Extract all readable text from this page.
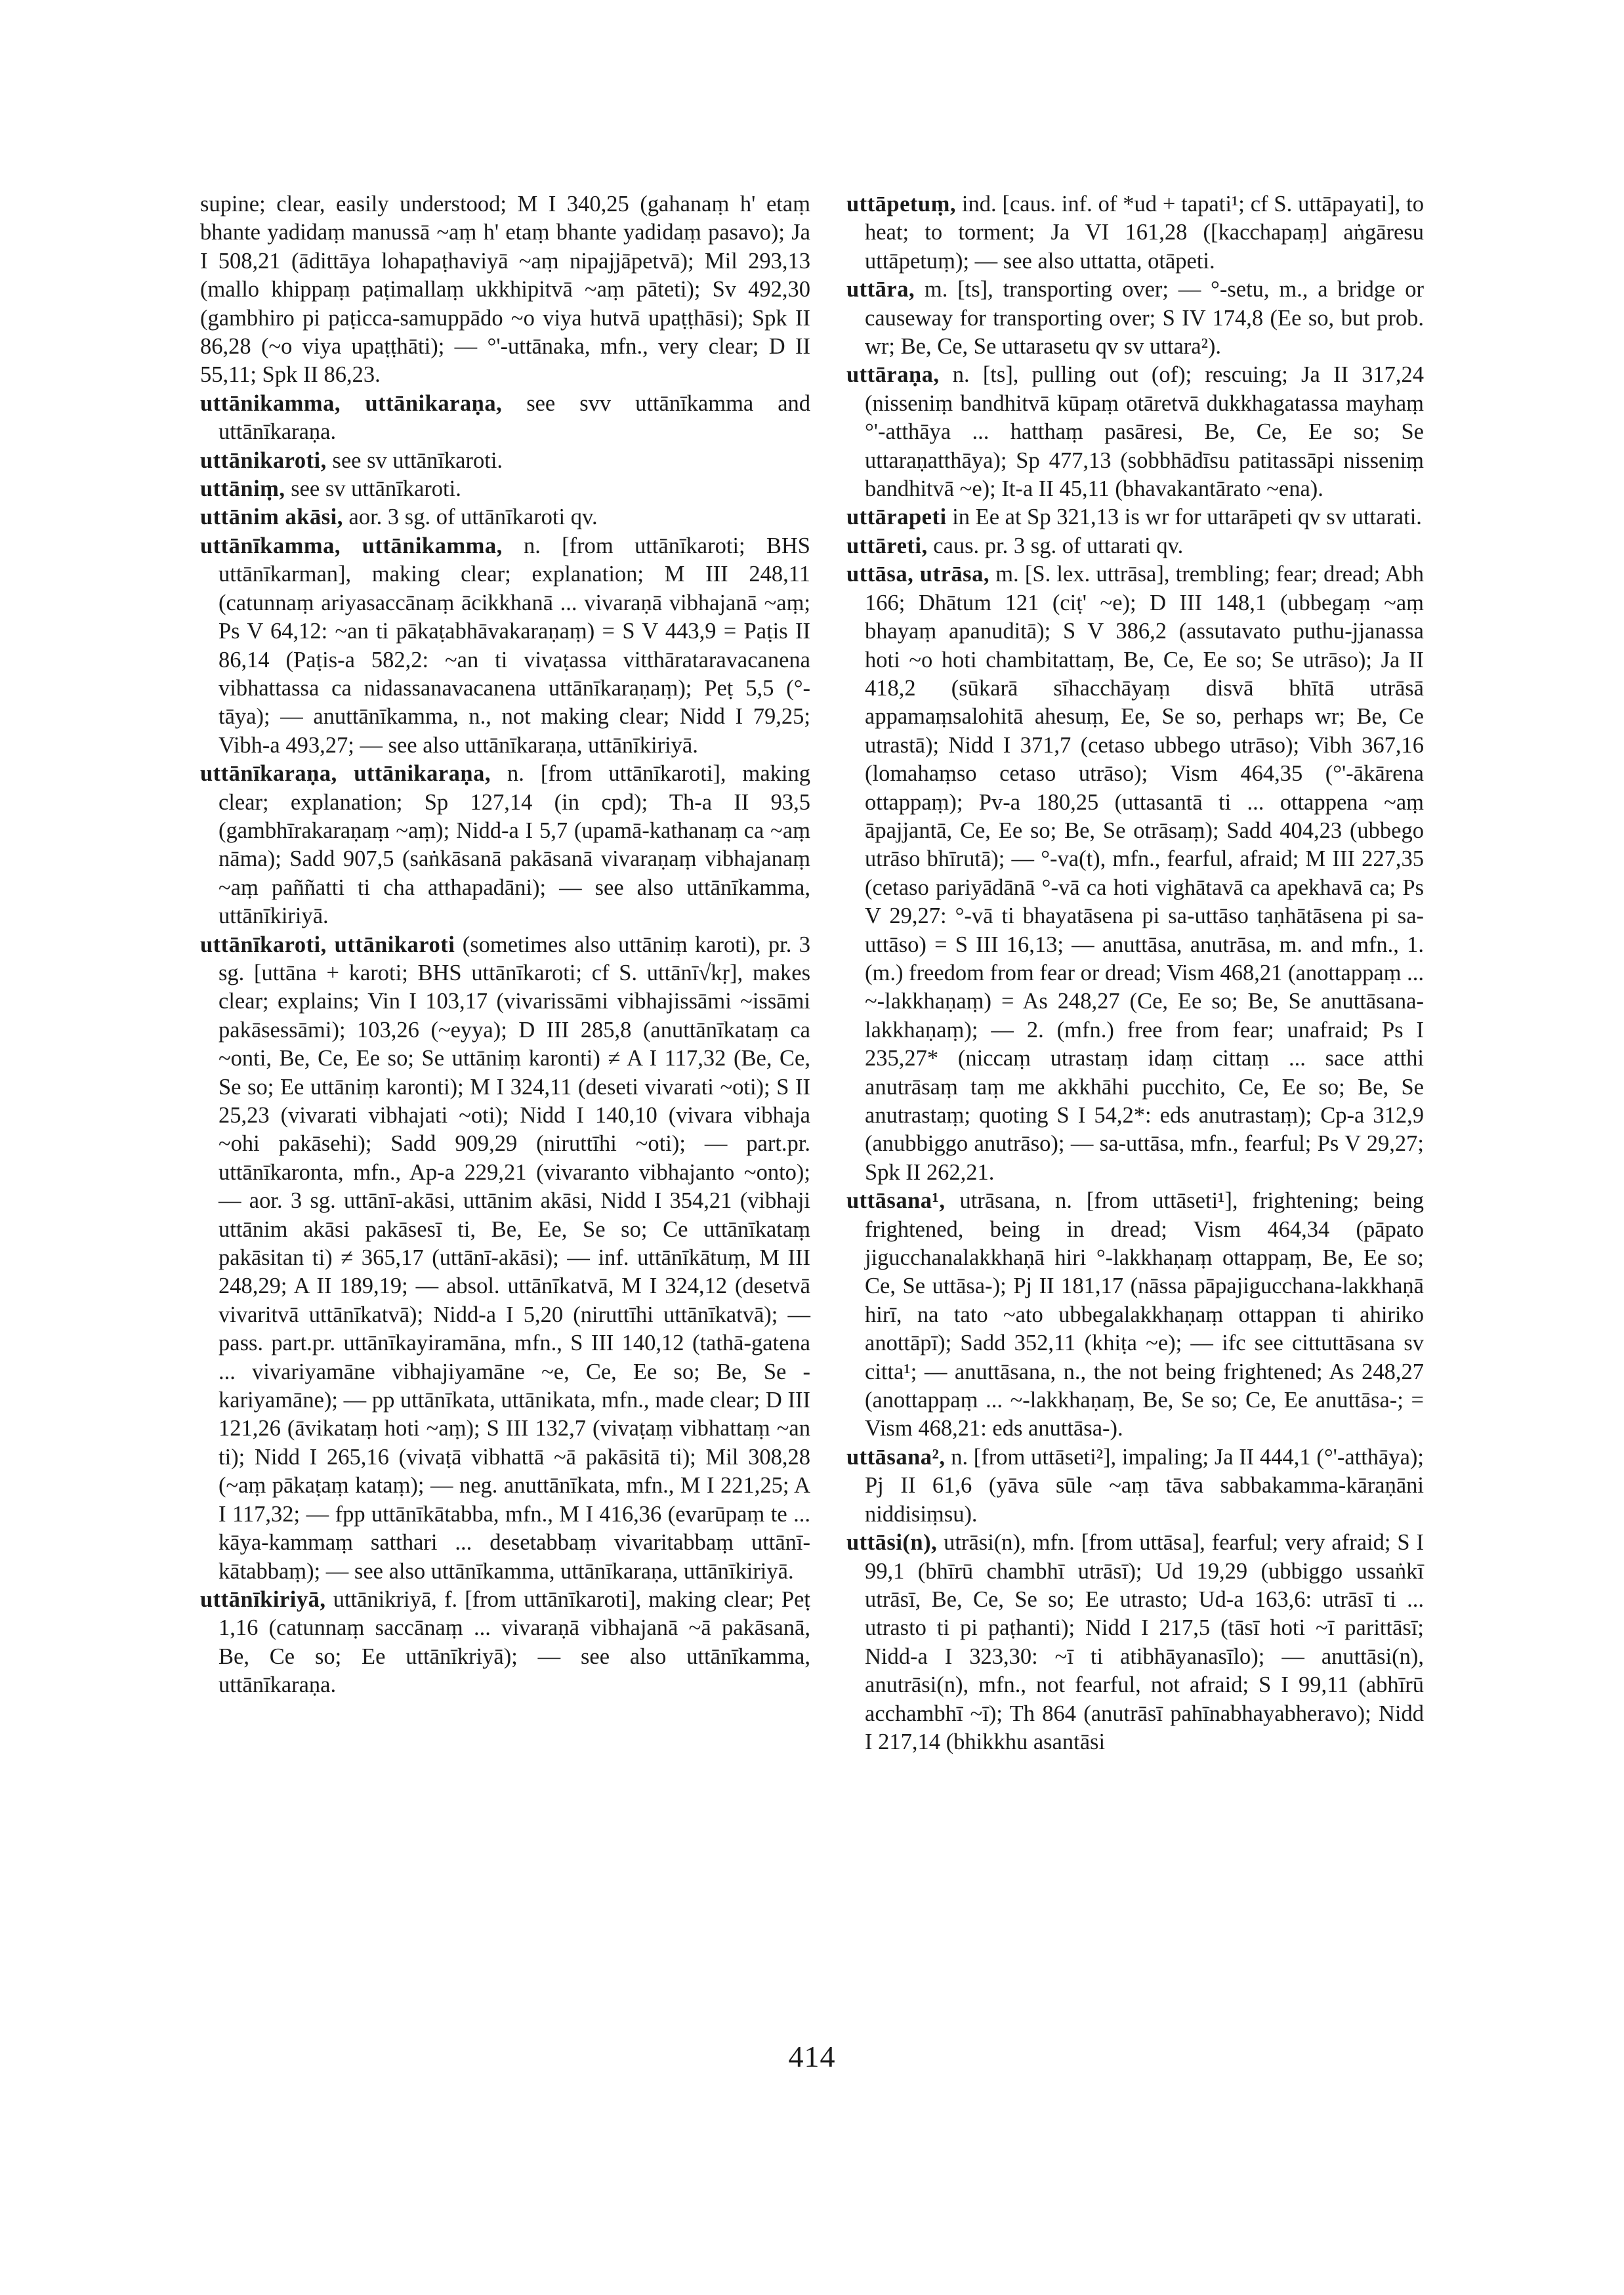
supine; clear, easily understood; M I 340,25 (gahanaṃ h' etaṃ bhante yadidaṃ manussā ~aṃ h' etaṃ bhante yadidaṃ pasavo); Ja I 508,21 (ādittāya lohapaṭhaviyā ~aṃ nipajjāpetvā); Mil 293,13 (mallo khippaṃ paṭimallaṃ ukkhipitvā ~aṃ pāteti); Sv 492,30 (gambhiro pi paṭicca-samuppādo ~o viya hutvā upaṭṭhāsi); Spk II 86,28 (~o viya upaṭṭhāti); — °'-uttānaka, mfn., very clear; D II 55,11; Spk II 86,23.

uttānikamma, uttānikaraṇa, see svv uttānīkamma and uttānīkaraṇa.

uttānikaroti, see sv uttānīkaroti.

uttāniṃ, see sv uttānīkaroti.

uttānim akāsi, aor. 3 sg. of uttānīkaroti qv.

uttānīkamma, uttānikamma, n. [from uttānīkaroti; BHS uttānīkarman], making clear; explanation; M III 248,11 (catunnaṃ ariyasaccānaṃ ācikkhanā ... vivaraṇā vibhajanā ~aṃ; Ps V 64,12: ~an ti pākaṭabhāvakaraṇaṃ) = S V 443,9 = Paṭis II 86,14 (Paṭis-a 582,2: ~an ti vivaṭassa vitthārataravacanena vibhattassa ca nidassanavacanena uttānīkaraṇaṃ); Peṭ 5,5 (°-tāya); — anuttānīkamma, n., not making clear; Nidd I 79,25; Vibh-a 493,27; — see also uttānīkaraṇa, uttānīkiriyā.

uttānīkaraṇa, uttānikaraṇa, n. [from uttānīkaroti], making clear; explanation; Sp 127,14 (in cpd); Th-a II 93,5 (gambhīrakaraṇaṃ ~aṃ); Nidd-a I 5,7 (upamā-kathanaṃ ca ~aṃ nāma); Sadd 907,5 (saṅkāsanā pakāsanā vivaraṇaṃ vibhajanaṃ ~aṃ paññatti ti cha atthapadāni); — see also uttānīkamma, uttānīkiriyā.

uttānīkaroti, uttānikaroti (sometimes also uttāniṃ karoti), pr. 3 sg. [uttāna + karoti; BHS uttānīkaroti; cf S. uttānī√kṛ], makes clear; explains; Vin I 103,17 (vivarissāmi vibhajissāmi ~issāmi pakāsessāmi); 103,26 (~eyya); D III 285,8 (anuttānīkataṃ ca ~onti, Be, Ce, Ee so; Se uttāniṃ karonti) ≠ A I 117,32 (Be, Ce, Se so; Ee uttāniṃ karonti); M I 324,11 (deseti vivarati ~oti); S II 25,23 (vivarati vibhajati ~oti); Nidd I 140,10 (vivara vibhaja ~ohi pakāsehi); Sadd 909,29 (niruttīhi ~oti); — part.pr. uttānīkaronta, mfn., Ap-a 229,21 (vivaranto vibhajanto ~onto); — aor. 3 sg. uttānī-akāsi, uttānim akāsi, Nidd I 354,21 (vibhaji uttānim akāsi pakāsesī ti, Be, Ee, Se so; Ce uttānīkataṃ pakāsitan ti) ≠ 365,17 (uttānī-akāsi); — inf. uttānīkātuṃ, M III 248,29; A II 189,19; — absol. uttānīkatvā, M I 324,12 (desetvā vivaritvā uttānīkatvā); Nidd-a I 5,20 (niruttīhi uttānīkatvā); — pass. part.pr. uttānīkayiramāna, mfn., S III 140,12 (tathā-gatena ... vivariyamāne vibhajiyamāne ~e, Ce, Ee so; Be, Se -kariyamāne); — pp uttānīkata, uttānikata, mfn., made clear; D III 121,26 (āvikataṃ hoti ~aṃ); S III 132,7 (vivaṭaṃ vibhattaṃ ~an ti); Nidd I 265,16 (vivaṭā vibhattā ~ā pakāsitā ti); Mil 308,28 (~aṃ pākaṭaṃ kataṃ); — neg. anuttānīkata, mfn., M I 221,25; A I 117,32; — fpp uttānīkātabba, mfn., M I 416,36 (evarūpaṃ te ... kāya-kammaṃ satthari ... desetabbaṃ vivaritabbaṃ uttānī-kātabbaṃ); — see also uttānīkamma, uttānīkaraṇa, uttānīkiriyā.

uttānīkiriyā, uttānikriyā, f. [from uttānīkaroti], making clear; Peṭ 1,16 (catunnaṃ saccānaṃ ... vivaraṇā vibhajanā ~ā pakāsanā, Be, Ce so; Ee uttānīkriyā); — see also uttānīkamma, uttānīkaraṇa.

uttāpetuṃ, ind. [caus. inf. of *ud + tapati¹; cf S. uttāpayati], to heat; to torment; Ja VI 161,28 ([kacchapaṃ] aṅgāresu uttāpetuṃ); — see also uttatta, otāpeti.

uttāra, m. [ts], transporting over; — °-setu, m., a bridge or causeway for transporting over; S IV 174,8 (Ee so, but prob. wr; Be, Ce, Se uttarasetu qv sv uttara²).

uttāraṇa, n. [ts], pulling out (of); rescuing; Ja II 317,24 (nisseniṃ bandhitvā kūpaṃ otāretvā dukkhagatassa mayhaṃ °'-atthāya ... hatthaṃ pasāresi, Be, Ce, Ee so; Se uttaraṇatthāya); Sp 477,13 (sobbhādīsu patitassāpi nisseniṃ bandhitvā ~e); It-a II 45,11 (bhavakantārato ~ena).

uttārapeti in Ee at Sp 321,13 is wr for uttarāpeti qv sv uttarati.

uttāreti, caus. pr. 3 sg. of uttarati qv.

uttāsa, utrāsa, m. [S. lex. uttrāsa], trembling; fear; dread; Abh 166; Dhātum 121 (ciṭ' ~e); D III 148,1 (ubbegaṃ ~aṃ bhayaṃ apanuditā); S V 386,2 (assutavato puthu-jjanassa hoti ~o hoti chambitattaṃ, Be, Ce, Ee so; Se utrāso); Ja II 418,2 (sūkarā sīhacchāyaṃ disvā bhītā utrāsā appamaṃsalohitā ahesuṃ, Ee, Se so, perhaps wr; Be, Ce utrastā); Nidd I 371,7 (cetaso ubbego utrāso); Vibh 367,16 (lomahaṃso cetaso utrāso); Vism 464,35 (°'-ākārena ottappaṃ); Pv-a 180,25 (uttasantā ti ... ottappena ~aṃ āpajjantā, Ce, Ee so; Be, Se otrāsaṃ); Sadd 404,23 (ubbego utrāso bhīrutā); — °-va(t), mfn., fearful, afraid; M III 227,35 (cetaso pariyādānā °-vā ca hoti vighātavā ca apekhavā ca; Ps V 29,27: °-vā ti bhayatāsena pi sa-uttāso taṇhātāsena pi sa-uttāso) = S III 16,13; — anuttāsa, anutrāsa, m. and mfn., 1. (m.) freedom from fear or dread; Vism 468,21 (anottappaṃ ... ~-lakkhaṇaṃ) = As 248,27 (Ce, Ee so; Be, Se anuttāsana-lakkhaṇaṃ); — 2. (mfn.) free from fear; unafraid; Ps I 235,27* (niccaṃ utrastaṃ idaṃ cittaṃ ... sace atthi anutrāsaṃ taṃ me akkhāhi pucchito, Ce, Ee so; Be, Se anutrastaṃ; quoting S I 54,2*: eds anutrastaṃ); Cp-a 312,9 (anubbiggo anutrāso); — sa-uttāsa, mfn., fearful; Ps V 29,27; Spk II 262,21.

uttāsana¹, utrāsana, n. [from uttāseti¹], frightening; being frightened, being in dread; Vism 464,34 (pāpato jigucchanalakkhaṇā hiri °-lakkhaṇaṃ ottappaṃ, Be, Ee so; Ce, Se uttāsa-); Pj II 181,17 (nāssa pāpajigucchana-lakkhaṇā hirī, na tato ~ato ubbegalakkhaṇaṃ ottappan ti ahiriko anottāpī); Sadd 352,11 (khiṭa ~e); — ifc see cittuttāsana sv citta¹; — anuttāsana, n., the not being frightened; As 248,27 (anottappaṃ ... ~-lakkhaṇaṃ, Be, Se so; Ce, Ee anuttāsa-; = Vism 468,21: eds anuttāsa-).

uttāsana², n. [from uttāseti²], impaling; Ja II 444,1 (°'-atthāya); Pj II 61,6 (yāva sūle ~aṃ tāva sabbakamma-kāraṇāni niddisiṃsu).

uttāsi(n), utrāsi(n), mfn. [from uttāsa], fearful; very afraid; S I 99,1 (bhīrū chambhī utrāsī); Ud 19,29 (ubbiggo ussaṅkī utrāsī, Be, Ce, Se so; Ee utrasto; Ud-a 163,6: utrāsī ti ... utrasto ti pi paṭhanti); Nidd I 217,5 (tāsī hoti ~ī parittāsī; Nidd-a I 323,30: ~ī ti atibhāyanasīlo); — anuttāsi(n), anutrāsi(n), mfn., not fearful, not afraid; S I 99,11 (abhīrū acchambhī ~ī); Th 864 (anutrāsī pahīnabhayabheravo); Nidd I 217,14 (bhikkhu asantāsi

414
